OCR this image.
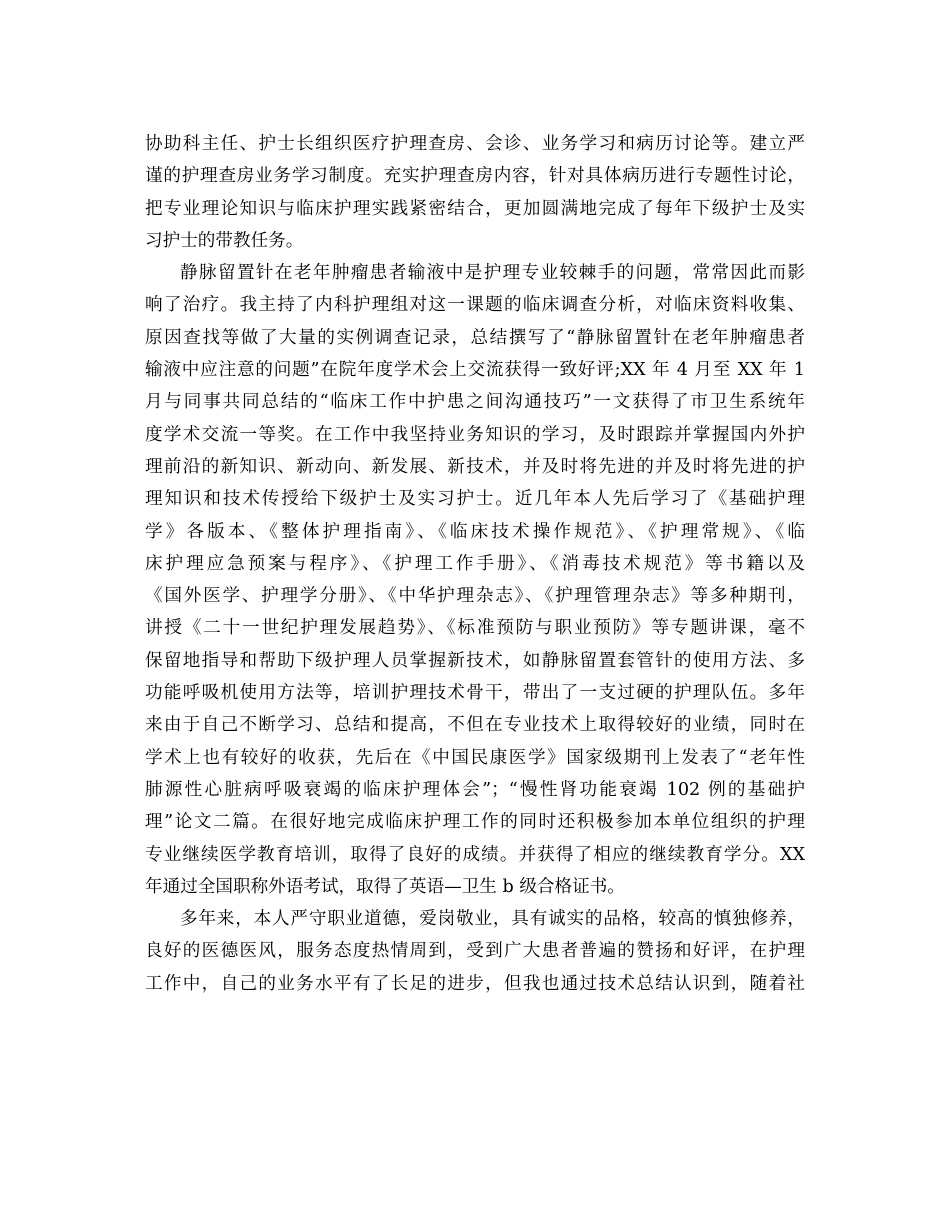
协助科主任、护士长组织医疗护理查房、会诊、业务学习和病历讨论等。建立严
谨的护理查房业务学习制度。充实护理查房内容，针对具体病历进行专题性讨论，
把专业理论知识与临床护理实践紧密结合，更加圆满地完成了每年下级护士及实
习护士的带教任务。
静脉留置针在老年肿瘤患者输液中是护理专业较棘手的问题，常常因此而影
响了治疗。我主持了内科护理组对这一课题的临床调查分析，对临床资料收集、
原因查找等做了大量的实例调查记录，总结撰写了“静脉留置针在老年肿瘤患者
输液中应注意的问题”在院年度学术会上交流获得一致好评;XX 年 4 月至 XX 年 1
月与同事共同总结的“临床工作中护患之间沟通技巧”一文获得了市卫生系统年
度学术交流一等奖。在工作中我坚持业务知识的学习，及时跟踪并掌握国内外护
理前沿的新知识、新动向、新发展、新技术，并及时将先进的并及时将先进的护
理知识和技术传授给下级护士及实习护士。近几年本人先后学习了《基础护理
学》各版本、《整体护理指南》、《临床技术操作规范》、《护理常规》、《临
床护理应急预案与程序》、《护理工作手册》、《消毒技术规范》等书籍以及
《国外医学、护理学分册》、《中华护理杂志》、《护理管理杂志》等多种期刊，
讲授《二十一世纪护理发展趋势》、《标准预防与职业预防》等专题讲课，毫不
保留地指导和帮助下级护理人员掌握新技术，如静脉留置套管针的使用方法、多
功能呼吸机使用方法等，培训护理技术骨干，带出了一支过硬的护理队伍。多年
来由于自己不断学习、总结和提高，不但在专业技术上取得较好的业绩，同时在
学术上也有较好的收获，先后在《中国民康医学》国家级期刊上发表了“老年性
肺源性心脏病呼吸衰竭的临床护理体会”；“慢性肾功能衰竭 102 例的基础护
理”论文二篇。在很好地完成临床护理工作的同时还积极参加本单位组织的护理
专业继续医学教育培训，取得了良好的成绩。并获得了相应的继续教育学分。XX
年通过全国职称外语考试，取得了英语—卫生 b 级合格证书。
多年来，本人严守职业道德，爱岗敬业，具有诚实的品格，较高的慎独修养，
良好的医德医风，服务态度热情周到，受到广大患者普遍的赞扬和好评，在护理
工作中，自己的业务水平有了长足的进步，但我也通过技术总结认识到，随着社
